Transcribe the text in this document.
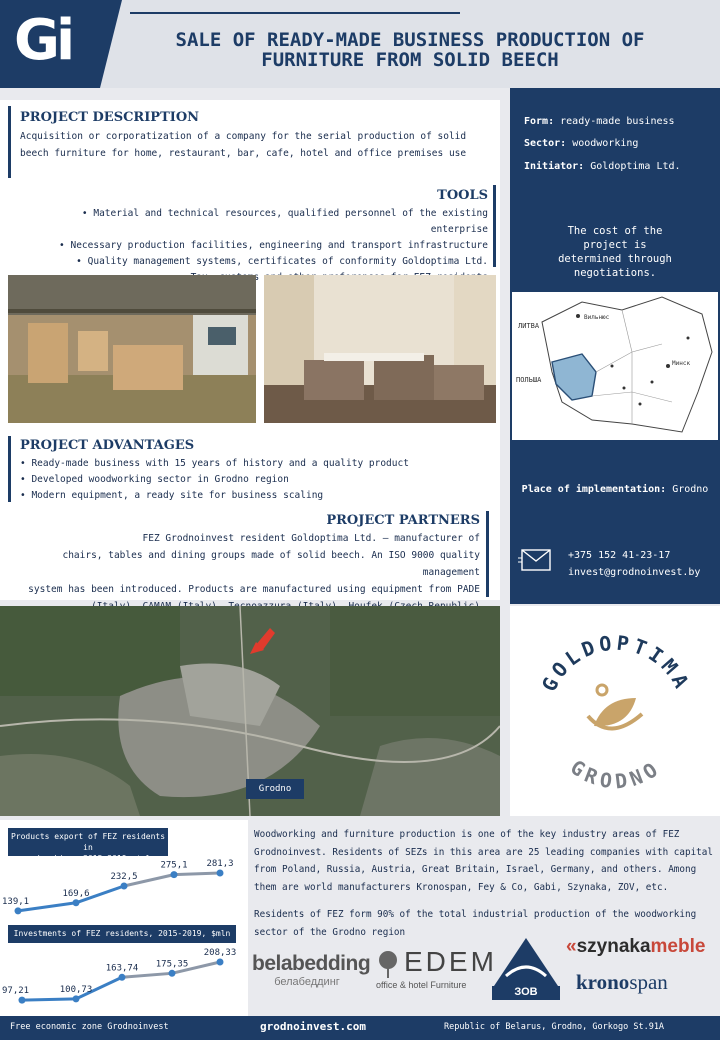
Gi	SALE OF READY-MADE BUSINESS PRODUCTION OF
FURNITURE FROM SOLID BEECH
PROJECT DESCRIPTION
Acquisition or corporatization of a company for the serial production of solid beech furniture for home, restaurant, bar, cafe, hotel and office premises use
TOOLS
• Material and technical resources, qualified personnel of the existing enterprise
• Necessary production facilities, engineering and transport infrastructure
• Quality management systems, certificates of conformity Goldoptima Ltd.
•
PROJECT ADVANTAGES
• Ready-made business with 15 years of history and a quality product
• Developed woodworking sector in Grodno region
• Modern equipment, a ready site for business scaling
PROJECT PARTNERS
FEZ Grodnoinvest resident Goldoptima Ltd. – manufacturer of
chairs, tables and dining groups made of solid beech. An ISO 9000 quality management
system has been introduced. Products are manufactured using equipment from PADE
Form: ready-made business
Sector: woodworking
Initiator: Goldoptima Ltd.
The cost of the
project is
determined through
negotiations.
Вильнюс
ЛИТВА
Минск
ПОЛЬША
Place of implementation: Grodno
+375 152 41-23-17
invest@grodnoinvest.by
Grodno
GOLDOPTIMA
GRODNO
Products export of FEZ residents in
woodworking, 2015-2019, $mln
139,1
169,6
232,5
275,1 281,3
Investments of FEZ residents, 2015-2019, $mln
97,21	100,73
163,74 175,35
208,33
Woodworking and furniture production is one of the key industry areas of FEZ
Grodnoinvest. Residents of SEZs in this area are 25 leading companies with capital
from Poland, Russia, Austria, Great Britain, Israel, Germany, and others. Among
them are world manufacturers Kronospan, Fey & Co, Gabi, Szynaka, ZOV, etc.
Residents of FEZ form 90% of the total industrial production of the woodworking
sector of the Grodno region
belabedding
белабеддинг
EDEM
office & hotel Furniture
ЗОВ
«szynakameble
kronospan
Free economic zone Grodnoinvest	grodnoinvest.com	Republic of Belarus, Grodno, Gorkogo St.91A
